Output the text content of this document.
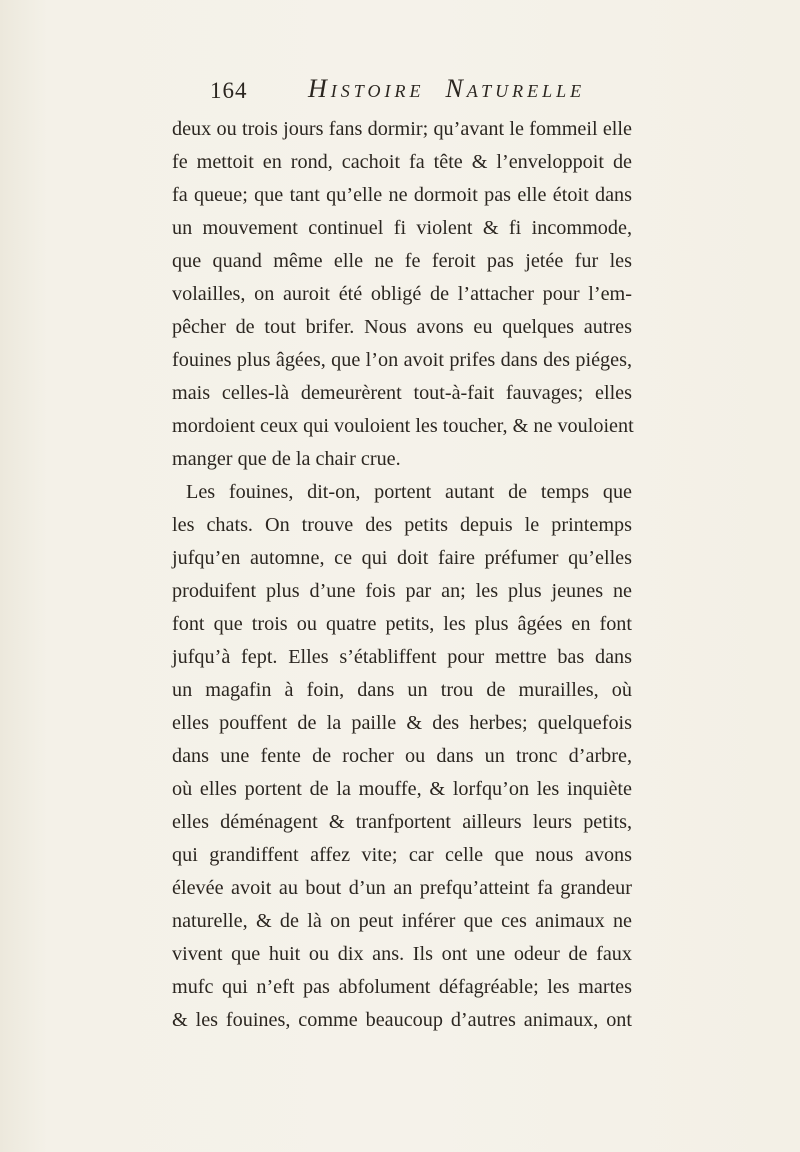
164 Histoire Naturelle
deux ou trois jours fans dormir; qu’avant le fommeil elle
fe mettoit en rond, cachoit fa tête & l’enveloppoit de
fa queue; que tant qu’elle ne dormoit pas elle étoit dans
un mouvement continuel fi violent & fi incommode,
que quand même elle ne fe feroit pas jetée fur les
volailles, on auroit été obligé de l’attacher pour l’em-
pêcher de tout brifer. Nous avons eu quelques autres
fouines plus âgées, que l’on avoit prifes dans des piéges,
mais celles-là demeurèrent tout-à-fait fauvages; elles
mordoient ceux qui vouloient les toucher, & ne vouloient
manger que de la chair crue.
Les fouines, dit-on, portent autant de temps que
les chats. On trouve des petits depuis le printemps
jufqu’en automne, ce qui doit faire préfumer qu’elles
produifent plus d’une fois par an; les plus jeunes ne
font que trois ou quatre petits, les plus âgées en font
jufqu’à fept. Elles s’établiffent pour mettre bas dans
un magafin à foin, dans un trou de murailles, où
elles pouffent de la paille & des herbes; quelquefois
dans une fente de rocher ou dans un tronc d’arbre,
où elles portent de la mouffe, & lorfqu’on les inquiète
elles déménagent & tranfportent ailleurs leurs petits,
qui grandiffent affez vite; car celle que nous avons
élevée avoit au bout d’un an prefqu’atteint fa grandeur
naturelle, & de là on peut inférer que ces animaux ne
vivent que huit ou dix ans. Ils ont une odeur de faux
mufc qui n’eft pas abfolument défagréable; les martes
& les fouines, comme beaucoup d’autres animaux, ont
